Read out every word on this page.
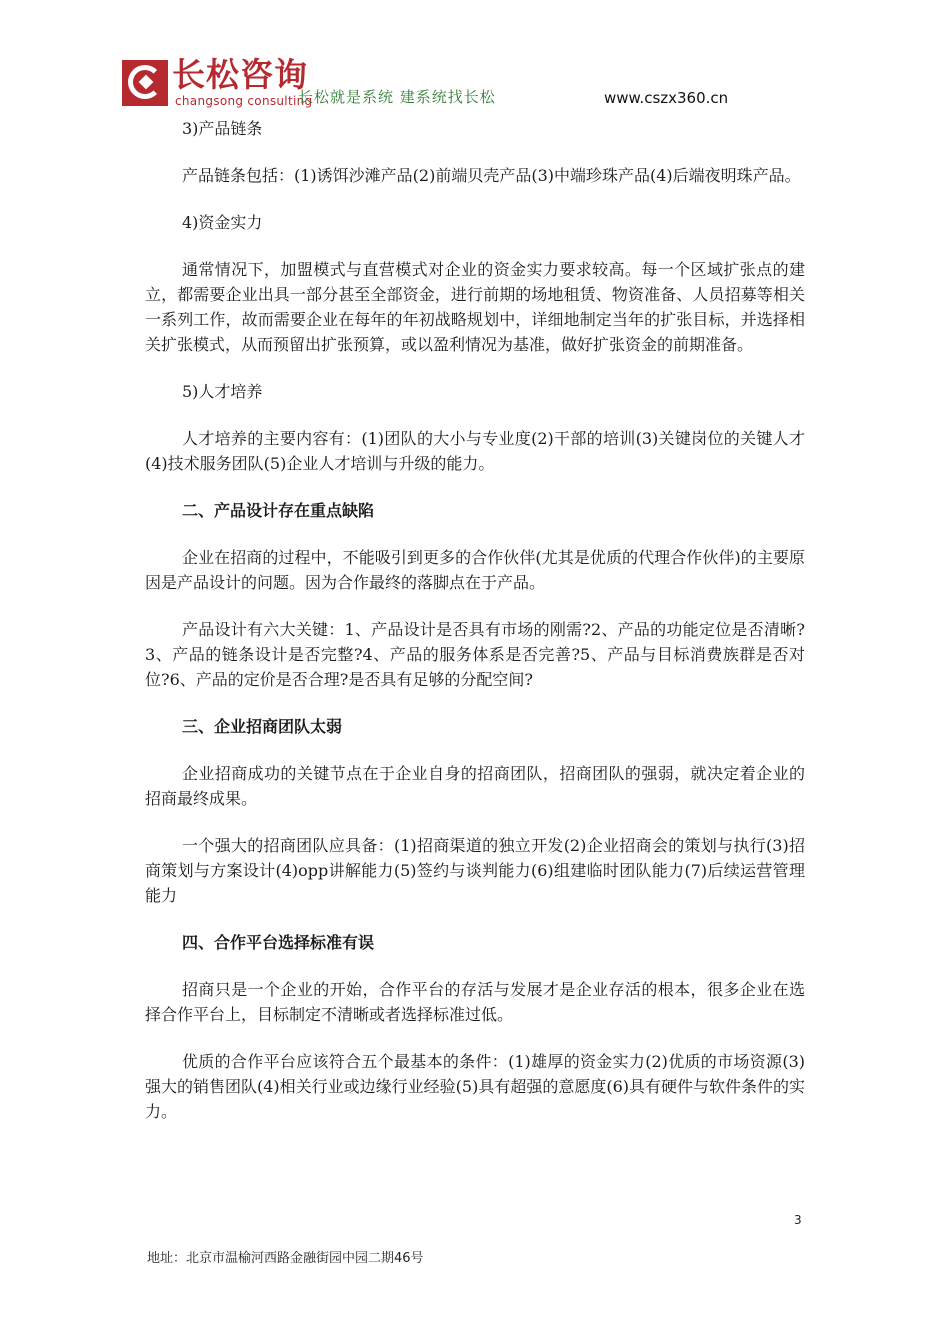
长松咨询
changsong consulting
长松就是系统 建系统找长松	www.cszx360.cn

3)产品链条

产品链条包括：(1)诱饵沙滩产品(2)前端贝壳产品(3)中端珍珠产品(4)后端夜明珠产品。

4)资金实力

通常情况下，加盟模式与直营模式对企业的资金实力要求较高。每一个区域扩张点的建立，都需要企业出具一部分甚至全部资金，进行前期的场地租赁、物资准备、人员招募等相关一系列工作，故而需要企业在每年的年初战略规划中，详细地制定当年的扩张目标，并选择相关扩张模式，从而预留出扩张预算，或以盈利情况为基准，做好扩张资金的前期准备。

5)人才培养

人才培养的主要内容有：(1)团队的大小与专业度(2)干部的培训(3)关键岗位的关键人才(4)技术服务团队(5)企业人才培训与升级的能力。

二、产品设计存在重点缺陷

企业在招商的过程中，不能吸引到更多的合作伙伴(尤其是优质的代理合作伙伴)的主要原因是产品设计的问题。因为合作最终的落脚点在于产品。

产品设计有六大关键：1、产品设计是否具有市场的刚需?2、产品的功能定位是否清晰?3、产品的链条设计是否完整?4、产品的服务体系是否完善?5、产品与目标消费族群是否对位?6、产品的定价是否合理?是否具有足够的分配空间?

三、企业招商团队太弱

企业招商成功的关键节点在于企业自身的招商团队，招商团队的强弱，就决定着企业的招商最终成果。

一个强大的招商团队应具备：(1)招商渠道的独立开发(2)企业招商会的策划与执行(3)招商策划与方案设计(4)opp讲解能力(5)签约与谈判能力(6)组建临时团队能力(7)后续运营管理能力

四、合作平台选择标准有误

招商只是一个企业的开始，合作平台的存活与发展才是企业存活的根本，很多企业在选择合作平台上，目标制定不清晰或者选择标准过低。

优质的合作平台应该符合五个最基本的条件：(1)雄厚的资金实力(2)优质的市场资源(3)强大的销售团队(4)相关行业或边缘行业经验(5)具有超强的意愿度(6)具有硬件与软件条件的实力。

3
地址：北京市温榆河西路金融街园中园二期46号
